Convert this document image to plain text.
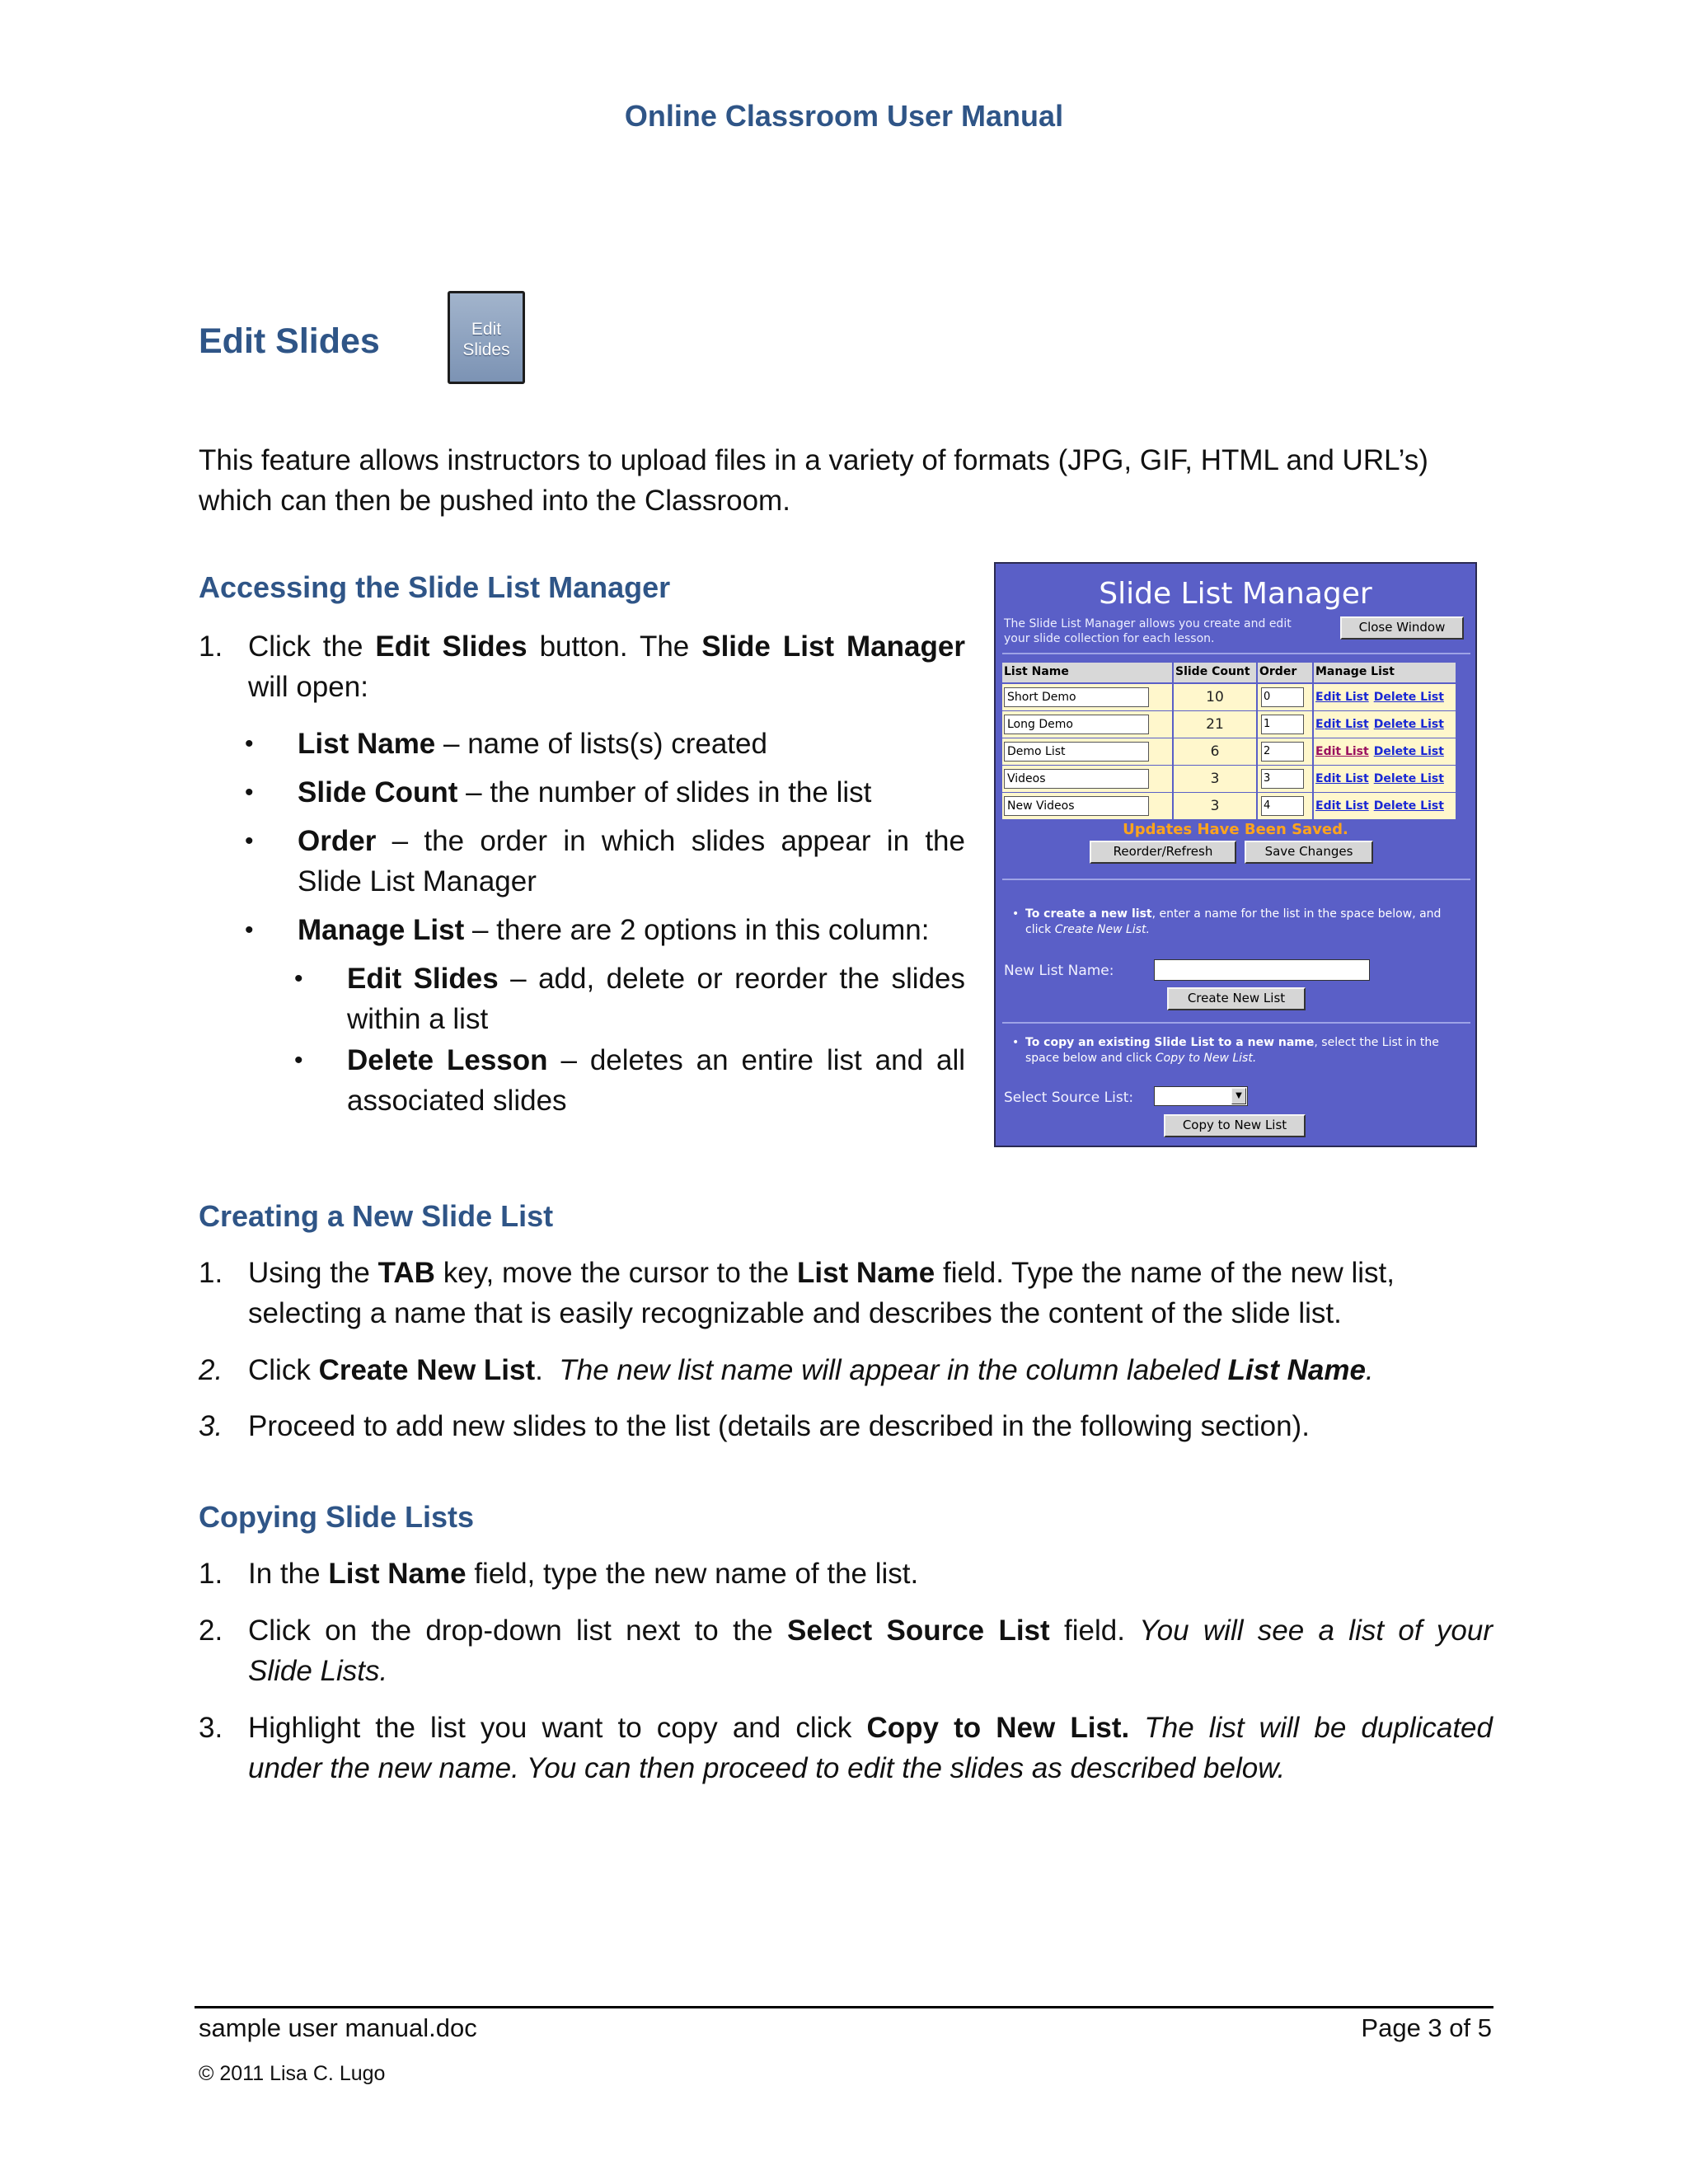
Online Classroom User Manual
Edit Slides	Edit
Slides
This feature allows instructors to upload files in a variety of formats (JPG, GIF, HTML and URL’s)
which can then be pushed into the Classroom.
Accessing the Slide List Manager
1. Click the Edit Slides button. The Slide List Manager
will open:
• List Name – name of lists(s) created
• Slide Count – the number of slides in the list
• Order – the order in which slides appear in the Slide List Manager
• Manage List – there are 2 options in this column:
• Edit Slides – add, delete or reorder the slides within a list
• Delete Lesson – deletes an entire list and all associated slides
Slide List Manager
The Slide List Manager allows you create and edit your slide collection for each lesson.
Close Window
List Name	Slide Count Order	Manage List
Short Demo	10	0	Edit List Delete List
Long Demo	21	1	Edit List Delete List
Demo List	6	2	Edit List Delete List
Videos	3	3	Edit List Delete List
New Videos	3	4	Edit List Delete List
Updates Have Been Saved.
Reorder/Refresh	Save Changes
• To create a new list, enter a name for the list in the space below, and click Create New List.
New List Name:
Create New List
• To copy an existing Slide List to a new name, select the List in the space below and click Copy to New List.
Select Source List:	▼
Copy to New List
Creating a New Slide List
1. Using the TAB key, move the cursor to the List Name field. Type the name of the new list,
selecting a name that is easily recognizable and describes the content of the slide list.
2. Click Create New List. The new list name will appear in the column labeled List Name.
3. Proceed to add new slides to the list (details are described in the following section).
Copying Slide Lists
1. In the List Name field, type the new name of the list.
2. Click on the drop-down list next to the Select Source List field. You will see a list of your
Slide Lists.
3. Highlight the list you want to copy and click Copy to New List. The list will be duplicated
under the new name. You can then proceed to edit the slides as described below.
sample user manual.doc	Page 3 of 5
© 2011 Lisa C. Lugo
